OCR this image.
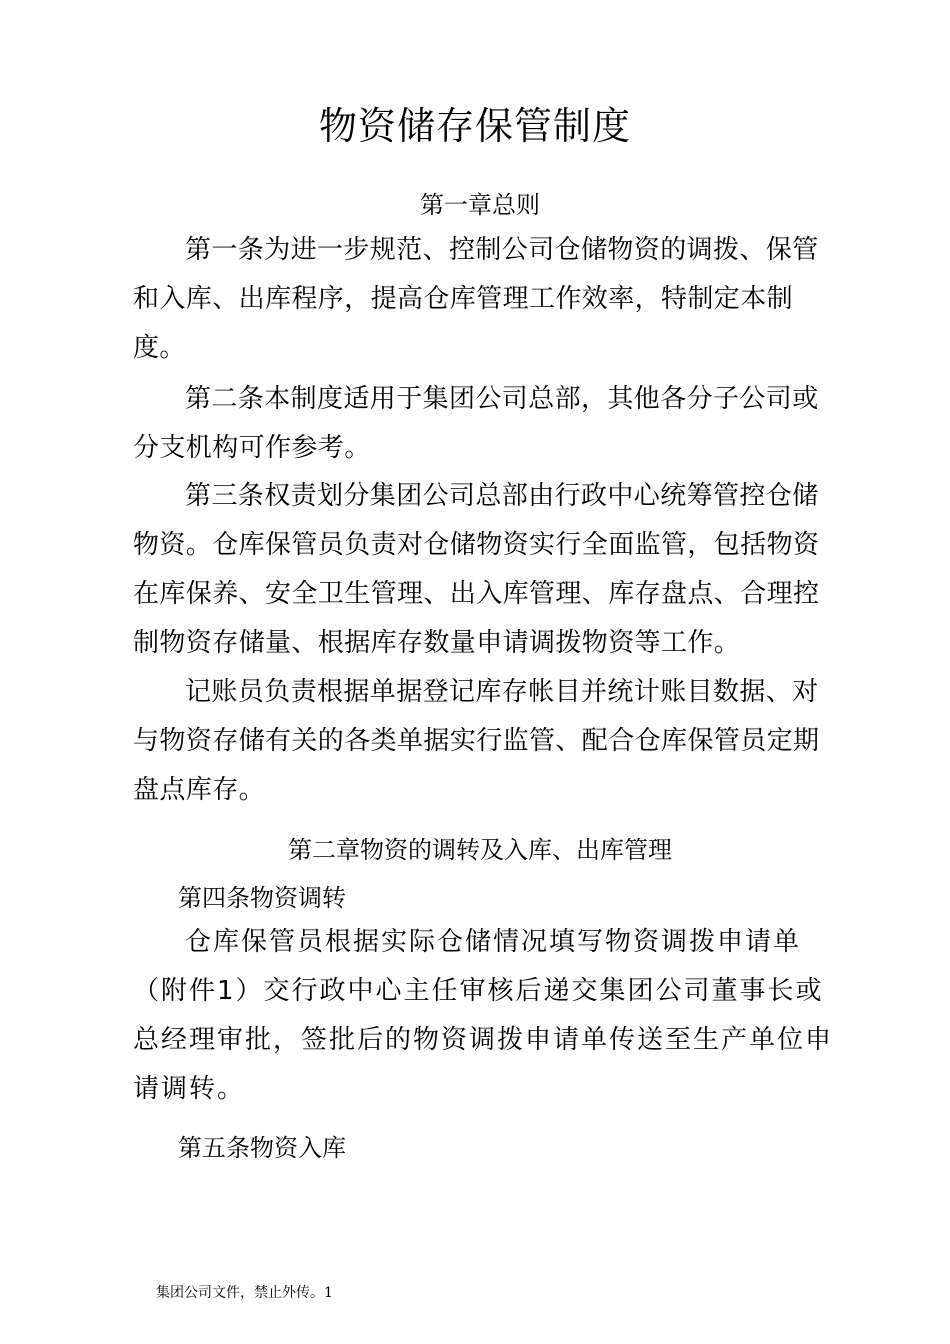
物资储存保管制度
第一章总则

第一条为进一步规范、控制公司仓储物资的调拨、保管和入库、出库程序，提高仓库管理工作效率，特制定本制度。

第二条本制度适用于集团公司总部，其他各分子公司或分支机构可作参考。

第三条权责划分集团公司总部由行政中心统筹管控仓储物资。仓库保管员负责对仓储物资实行全面监管，包括物资在库保养、安全卫生管理、出入库管理、库存盘点、合理控制物资存储量、根据库存数量申请调拨物资等工作。

记账员负责根据单据登记库存帐目并统计账目数据、对与物资存储有关的各类单据实行监管、配合仓库保管员定期盘点库存。

第二章物资的调转及入库、出库管理
第四条物资调转

仓库保管员根据实际仓储情况填写物资调拨申请单（附件1）交行政中心主任审核后递交集团公司董事长或总经理审批，签批后的物资调拨申请单传送至生产单位申请调转。

第五条物资入库
集团公司文件，禁止外传。1
